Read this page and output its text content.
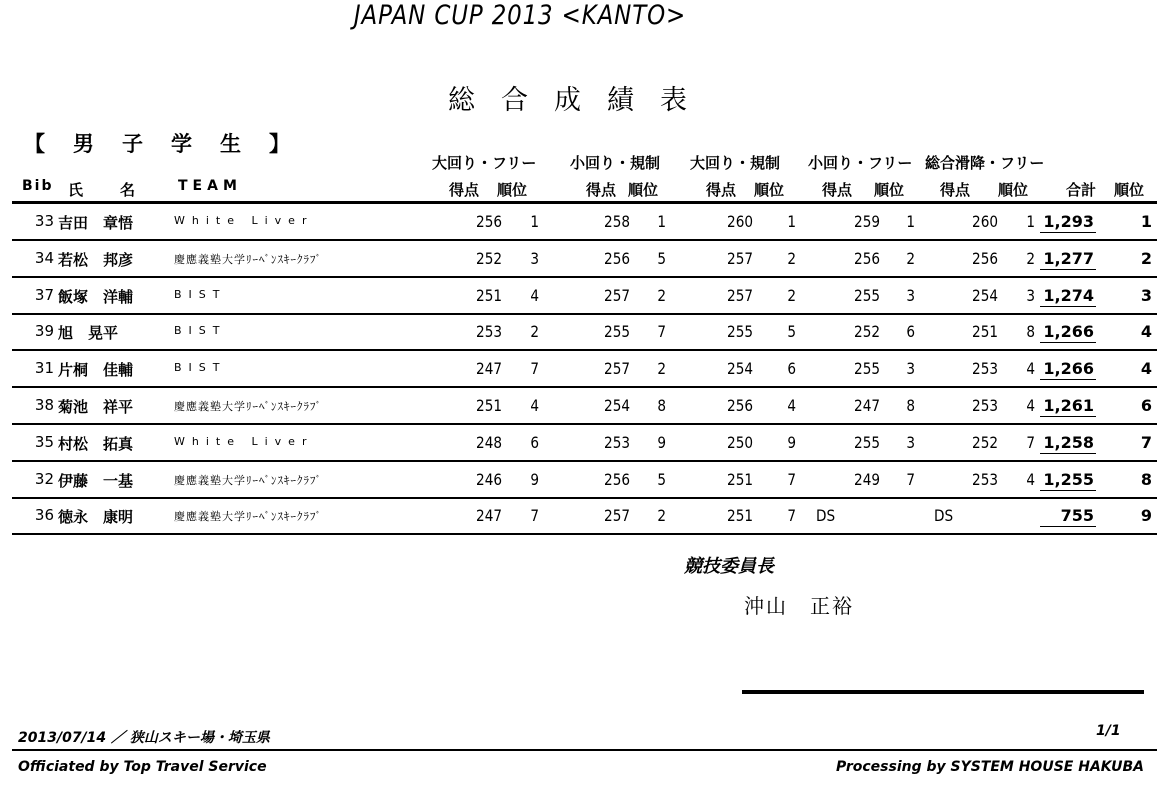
JAPAN CUP 2013 <KANTO>
総合成績表
【男子学生】
大回り・フリー 小回り・規制 大回り・規制 小回り・フリー 総合滑降・フリー
Bib 氏 名	TEAM	得点 順位	得点 順位	得点 順位	得点 順位 得点 順位	合計 順位
33 吉田　章悟	White Liver	256	1	258	1	260	1	259	1	260	1 1,293	1
34 若松　邦彦	慶應義塾大学ﾘｰﾍﾞﾝｽｷｰｸﾗﾌﾞ	252	3	256	5	257	2	256	2	256	2 1,277	2
37 飯塚　洋輔	BIST	251	4	257	2	257	2	255	3	254	3 1,274	3
39 旭　晃平	BIST	253	2	255	7	255	5	252	6	251	8 1,266	4
31 片桐　佳輔	BIST	247	7	257	2	254	6	255	3	253	4 1,266	4
38 菊池　祥平	慶應義塾大学ﾘｰﾍﾞﾝｽｷｰｸﾗﾌﾞ	251	4	254	8	256	4	247	8	253	4 1,261	6
35 村松　拓真	White Liver	248	6	253	9	250	9	255	3	252	7 1,258	7
32 伊藤　一基	慶應義塾大学ﾘｰﾍﾞﾝｽｷｰｸﾗﾌﾞ	246	9	256	5	251	7	249	7	253	4 1,255	8
36 徳永　康明	慶應義塾大学ﾘｰﾍﾞﾝｽｷｰｸﾗﾌﾞ	247	7	257	2	251	7 DS	DS	755	9
競技委員長
沖山　正裕
2013/07/14 ／ 狭山スキー場・埼玉県	1/1
Officiated by Top Travel Service	Processing by SYSTEM HOUSE HAKUBA
